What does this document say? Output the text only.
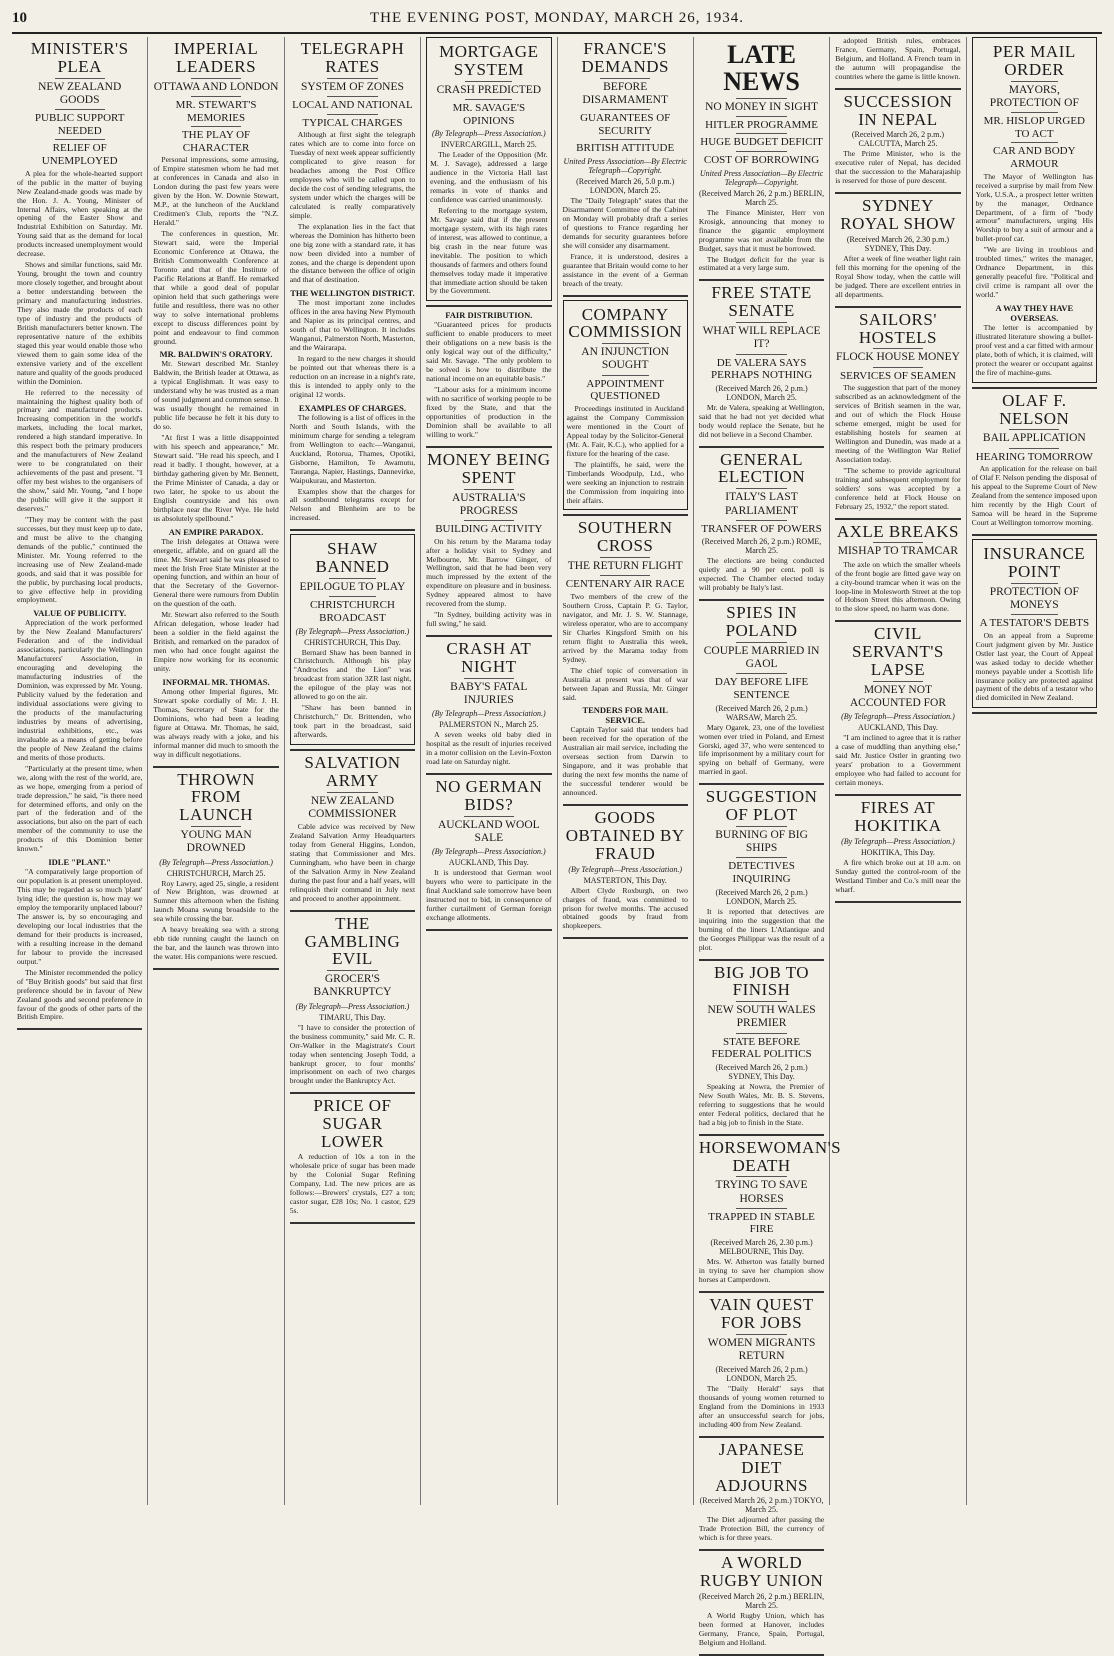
10	THE EVENING POST, MONDAY, MARCH 26, 1934.
MINISTER'S PLEA
NEW ZEALAND GOODS
PUBLIC SUPPORT NEEDED
RELIEF OF UNEMPLOYED

A plea for the whole-hearted support of the public in the matter of buying New Zealand-made goods was made by the Hon. J. A. Young, Minister of Internal Affairs, when speaking at the opening of the Easter Show and Industrial Exhibition on Saturday. Mr. Young said that as the demand for local products increased unemployment would decrease.

Shows and similar functions, said Mr. Young, brought the town and country more closely together, and brought about a better understanding between the primary and manufacturing industries. They also made the products of each type of industry and the products of British manufacturers better known. The representative nature of the exhibits staged this year would enable those who viewed them to gain some idea of the extensive variety and of the excellent nature and quality of the goods produced within the Dominion.

He referred to the necessity of maintaining the highest quality both of primary and manufactured products. Increasing competition in the world's markets, including the local market, rendered a high standard imperative. In this respect both the primary producers and the manufacturers of New Zealand were to be congratulated on their achievements of the past and present. "I offer my best wishes to the organisers of the show," said Mr. Young, "and I hope the public will give it the support it deserves."

"They may be content with the past successes, but they must keep up to date, and must be alive to the changing demands of the public," continued the Minister. Mr. Young referred to the increasing use of New Zealand-made goods, and said that it was possible for the public, by purchasing local products, to give effective help in providing employment.

VALUE OF PUBLICITY.

Appreciation of the work performed by the New Zealand Manufacturers' Federation and of the individual associations, particularly the Wellington Manufacturers' Association, in encouraging and developing the manufacturing industries of the Dominion, was expressed by Mr. Young. Publicity valued by the federation and individual associations were giving to the products of the manufacturing industries by means of advertising, industrial exhibitions, etc., was invaluable as a means of getting before the people of New Zealand the claims and merits of those products.

"Particularly at the present time, when we, along with the rest of the world, are, as we hope, emerging from a period of trade depression," he said, "is there need for determined efforts, and only on the part of the federation and of the associations, but also on the part of each member of the community to use the products of this Dominion better known."

IDLE "PLANT."

"A comparatively large proportion of our population is at present unemployed. This may be regarded as so much 'plant' lying idle; the question is, how may we employ the temporarily unplaced labour? The answer is, by so encouraging and developing our local industries that the demand for their products is increased, with a resulting increase in the demand for labour to provide the increased output."

The Minister recommended the policy of "Buy British goods" but said that first preference should be in favour of New Zealand goods and second preference in favour of the goods of other parts of the British Empire.

IMPERIAL LEADERS
OTTAWA AND LONDON
MR. STEWART'S MEMORIES
THE PLAY OF CHARACTER

Personal impressions, some amusing, of Empire statesmen whom he had met at conferences in Canada and also in London during the past few years were given by the Hon. W. Downie Stewart, M.P., at the luncheon of the Auckland Creditmen's Club, reports the "N.Z. Herald."

The conferences in question, Mr. Stewart said, were the Imperial Economic Conference at Ottawa, the British Commonwealth Conference at Toronto and that of the Institute of Pacific Relations at Banff. He remarked that while a good deal of popular opinion held that such gatherings were futile and resultless, there was no other way to solve international problems except to discuss differences point by point and endeavour to find common ground.

MR. BALDWIN'S ORATORY.

Mr. Stewart described Mr. Stanley Baldwin, the British leader at Ottawa, as a typical Englishman. It was easy to understand why he was trusted as a man of sound judgment and common sense. It was usually thought he remained in public life because he felt it his duty to do so.

"At first I was a little disappointed with his speech and appearance," Mr. Stewart said. "He read his speech, and I read it badly. I thought, however, at a birthday gathering given by Mr. Bennett, the Prime Minister of Canada, a day or two later, he spoke to us about the English countryside and his own birthplace near the River Wye. He held us absolutely spellbound."

AN EMPIRE PARADOX.

The Irish delegates at Ottawa were energetic, affable, and on guard all the time. Mr. Stewart said he was pleased to meet the Irish Free State Minister at the opening function, and within an hour of that the Secretary of the Governor-General there were rumours from Dublin on the question of the oath.

Mr. Stewart also referred to the South African delegation, whose leader had been a soldier in the field against the British, and remarked on the paradox of men who had once fought against the Empire now working for its economic unity.

INFORMAL MR. THOMAS.

Among other Imperial figures, Mr. Stewart spoke cordially of Mr. J. H. Thomas, Secretary of State for the Dominions, who had been a leading figure at Ottawa. Mr. Thomas, he said, was always ready with a joke, and his informal manner did much to smooth the way in difficult negotiations.

THROWN FROM LAUNCH
YOUNG MAN DROWNED
(By Telegraph—Press Association.)
CHRISTCHURCH, March 25.

Roy Lawry, aged 25, single, a resident of New Brighton, was drowned at Sumner this afternoon when the fishing launch Moana swung broadside to the sea while crossing the bar.

A heavy breaking sea with a strong ebb tide running caught the launch on the bar, and the launch was thrown into the water. His companions were rescued.

TELEGRAPH RATES
SYSTEM OF ZONES
LOCAL AND NATIONAL
TYPICAL CHARGES

Although at first sight the telegraph rates which are to come into force on Tuesday of next week appear sufficiently complicated to give reason for headaches among the Post Office employees who will be called upon to decide the cost of sending telegrams, the system under which the charges will be calculated is really comparatively simple.

The explanation lies in the fact that whereas the Dominion has hitherto been one big zone with a standard rate, it has now been divided into a number of zones, and the charge is dependent upon the distance between the office of origin and that of destination.

THE WELLINGTON DISTRICT.

The most important zone includes offices in the area having New Plymouth and Napier as its principal centres, and south of that to Wellington. It includes Wanganui, Palmerston North, Masterton, and the Wairarapa.

In regard to the new charges it should be pointed out that whereas there is a reduction on an increase in a night's rate, this is intended to apply only to the original 12 words.

EXAMPLES OF CHARGES.

The following is a list of offices in the North and South Islands, with the minimum charge for sending a telegram from Wellington to each:—Wanganui, Auckland, Rotorua, Thames, Opotiki, Gisborne, Hamilton, Te Awamutu, Tauranga, Napier, Hastings, Dannevirke, Waipukurau, and Masterton.

Examples show that the charges for all southbound telegrams except for Nelson and Blenheim are to be increased.

SHAW BANNED
EPILOGUE TO PLAY
CHRISTCHURCH BROADCAST
(By Telegraph—Press Association.)
CHRISTCHURCH, This Day.

Bernard Shaw has been banned in Christchurch. Although his play "Androcles and the Lion" was broadcast from station 3ZR last night, the epilogue of the play was not allowed to go on the air.

"Shaw has been banned in Christchurch," Dr. Brittenden, who took part in the broadcast, said afterwards.

SALVATION ARMY
NEW ZEALAND COMMISSIONER

Cable advice was received by New Zealand Salvation Army Headquarters today from General Higgins, London, stating that Commissioner and Mrs. Cunningham, who have been in charge of the Salvation Army in New Zealand during the past four and a half years, will relinquish their command in July next and proceed to another appointment.

THE GAMBLING EVIL
GROCER'S BANKRUPTCY
(By Telegraph—Press Association.)
TIMARU, This Day.

"I have to consider the protection of the business community," said Mr. C. R. Orr-Walker in the Magistrate's Court today when sentencing Joseph Todd, a bankrupt grocer, to four months' imprisonment on each of two charges brought under the Bankruptcy Act.

PRICE OF SUGAR LOWER

A reduction of 10s a ton in the wholesale price of sugar has been made by the Colonial Sugar Refining Company, Ltd. The new prices are as follows:—Brewers' crystals, £27 a ton; castor sugar, £28 10s; No. 1 castor, £29 5s.

MORTGAGE SYSTEM
CRASH PREDICTED
MR. SAVAGE'S OPINIONS
(By Telegraph—Press Association.)
INVERCARGILL, March 25.

The Leader of the Opposition (Mr. M. J. Savage), addressed a large audience in the Victoria Hall last evening, and the enthusiasm of his remarks in vote of thanks and confidence was carried unanimously.

Referring to the mortgage system, Mr. Savage said that if the present mortgage system, with its high rates of interest, was allowed to continue, a big crash in the near future was inevitable. The position to which thousands of farmers and others found themselves today made it imperative that immediate action should be taken by the Government.

FAIR DISTRIBUTION.

"Guaranteed prices for products sufficient to enable producers to meet their obligations on a new basis is the only logical way out of the difficulty," said Mr. Savage. "The only problem to be solved is how to distribute the national income on an equitable basis."

"Labour asks for a minimum income with no sacrifice of working people to be fixed by the State, and that the opportunities of production in the Dominion shall be available to all willing to work."

MONEY BEING SPENT
AUSTRALIA'S PROGRESS
BUILDING ACTIVITY

On his return by the Marama today after a holiday visit to Sydney and Melbourne, Mr. Barrow Ginger, of Wellington, said that he had been very much impressed by the extent of the expenditure on pleasure and in business. Sydney appeared almost to have recovered from the slump.

"In Sydney, building activity was in full swing," he said.

CRASH AT NIGHT
BABY'S FATAL INJURIES
(By Telegraph—Press Association.)
PALMERSTON N., March 25.

A seven weeks old baby died in hospital as the result of injuries received in a motor collision on the Levin-Foxton road late on Saturday night.

NO GERMAN BIDS?
AUCKLAND WOOL SALE
(By Telegraph—Press Association.)
AUCKLAND, This Day.

It is understood that German wool buyers who were to participate in the final Auckland sale tomorrow have been instructed not to bid, in consequence of further curtailment of German foreign exchange allotments.

FRANCE'S DEMANDS
BEFORE DISARMAMENT
GUARANTEES OF SECURITY
BRITISH ATTITUDE
United Press Association—By Electric Telegraph—Copyright.
(Received March 26, 5.0 p.m.) LONDON, March 25.

The "Daily Telegraph" states that the Disarmament Committee of the Cabinet on Monday will probably draft a series of questions to France regarding her demands for security guarantees before she will consider any disarmament.

France, it is understood, desires a guarantee that Britain would come to her assistance in the event of a German breach of the treaty.

COMPANY COMMISSION
AN INJUNCTION SOUGHT
APPOINTMENT QUESTIONED

Proceedings instituted in Auckland against the Company Commission were mentioned in the Court of Appeal today by the Solicitor-General (Mr. A. Fair, K.C.), who applied for a fixture for the hearing of the case.

The plaintiffs, he said, were the Timberlands Woodpulp, Ltd., who were seeking an injunction to restrain the Commission from inquiring into their affairs.

SOUTHERN CROSS
THE RETURN FLIGHT
CENTENARY AIR RACE

Two members of the crew of the Southern Cross, Captain P. G. Taylor, navigator, and Mr. J. S. W. Stannage, wireless operator, who are to accompany Sir Charles Kingsford Smith on his return flight to Australia this week, arrived by the Marama today from Sydney.

The chief topic of conversation in Australia at present was that of war between Japan and Russia, Mr. Ginger said.

TENDERS FOR MAIL SERVICE.

Captain Taylor said that tenders had been received for the operation of the Australian air mail service, including the overseas section from Darwin to Singapore, and it was probable that during the next few months the name of the successful tenderer would be announced.

GOODS OBTAINED BY FRAUD
(By Telegraph—Press Association.)
MASTERTON, This Day.

Albert Clyde Roxburgh, on two charges of fraud, was committed to prison for twelve months. The accused obtained goods by fraud from shopkeepers.

LATE NEWS
NO MONEY IN SIGHT
HITLER PROGRAMME
HUGE BUDGET DEFICIT
COST OF BORROWING
United Press Association—By Electric Telegraph—Copyright.
(Received March 26, 2 p.m.) BERLIN, March 25.

The Finance Minister, Herr von Krosigk, announcing that money to finance the gigantic employment programme was not available from the Budget, says that it must be borrowed.

The Budget deficit for the year is estimated at a very large sum.

FREE STATE SENATE
WHAT WILL REPLACE IT?
DE VALERA SAYS PERHAPS NOTHING
(Received March 26, 2 p.m.) LONDON, March 25.

Mr. de Valera, speaking at Wellington, said that he had not yet decided what body would replace the Senate, but he did not believe in a Second Chamber.

GENERAL ELECTION
ITALY'S LAST PARLIAMENT
TRANSFER OF POWERS
(Received March 26, 2 p.m.) ROME, March 25.

The elections are being conducted quietly and a 90 per cent. poll is expected. The Chamber elected today will probably be Italy's last.

SPIES IN POLAND
COUPLE MARRIED IN GAOL
DAY BEFORE LIFE SENTENCE
(Received March 26, 2 p.m.) WARSAW, March 25.

Mary Ogarek, 23, one of the loveliest women ever tried in Poland, and Ernest Gorski, aged 37, who were sentenced to life imprisonment by a military court for spying on behalf of Germany, were married in gaol.

SUGGESTION OF PLOT
BURNING OF BIG SHIPS
DETECTIVES INQUIRING
(Received March 26, 2 p.m.) LONDON, March 25.

It is reported that detectives are inquiring into the suggestion that the burning of the liners L'Atlantique and the Georges Philippar was the result of a plot.

BIG JOB TO FINISH
NEW SOUTH WALES PREMIER
STATE BEFORE FEDERAL POLITICS
(Received March 26, 2 p.m.) SYDNEY, This Day.

Speaking at Nowra, the Premier of New South Wales, Mr. B. S. Stevens, referring to suggestions that he would enter Federal politics, declared that he had a big job to finish in the State.

HORSEWOMAN'S DEATH
TRYING TO SAVE HORSES
TRAPPED IN STABLE FIRE
(Received March 26, 2.30 p.m.) MELBOURNE, This Day.

Mrs. W. Atherton was fatally burned in trying to save her champion show horses at Camperdown.

VAIN QUEST FOR JOBS
WOMEN MIGRANTS RETURN
(Received March 26, 2 p.m.) LONDON, March 25.

The "Daily Herald" says that thousands of young women returned to England from the Dominions in 1933 after an unsuccessful search for jobs, including 400 from New Zealand.

JAPANESE DIET ADJOURNS
(Received March 26, 2 p.m.) TOKYO, March 25.

The Diet adjourned after passing the Trade Protection Bill, the currency of which is for three years.

A WORLD RUGBY UNION
(Received March 26, 2 p.m.) BERLIN, March 25.

A World Rugby Union, which has been formed at Hanover, includes Germany, France, Spain, Portugal, Belgium and Holland.

adopted British rules, embraces France, Germany, Spain, Portugal, Belgium, and Holland. A French team in the autumn will propagandise the countries where the game is little known.

SUCCESSION IN NEPAL
(Received March 26, 2 p.m.) CALCUTTA, March 25.

The Prime Minister, who is the executive ruler of Nepal, has decided that the succession to the Maharajaship is reserved for those of pure descent.

SYDNEY ROYAL SHOW
(Received March 26, 2.30 p.m.) SYDNEY, This Day.

After a week of fine weather light rain fell this morning for the opening of the Royal Show today, when the cattle will be judged. There are excellent entries in all departments.

SAILORS' HOSTELS
FLOCK HOUSE MONEY
SERVICES OF SEAMEN

The suggestion that part of the money subscribed as an acknowledgment of the services of British seamen in the war, and out of which the Flock House scheme emerged, might be used for establishing hostels for seamen at Wellington and Dunedin, was made at a meeting of the Wellington War Relief Association today.

"The scheme to provide agricultural training and subsequent employment for soldiers' sons was accepted by a conference held at Flock House on February 25, 1932," the report stated.

AXLE BREAKS
MISHAP TO TRAMCAR

The axle on which the smaller wheels of the front bogie are fitted gave way on a city-bound tramcar when it was on the loop-line in Molesworth Street at the top of Hobson Street this afternoon. Owing to the slow speed, no harm was done.

CIVIL SERVANT'S LAPSE
MONEY NOT ACCOUNTED FOR
(By Telegraph—Press Association.)
AUCKLAND, This Day.

"I am inclined to agree that it is rather a case of muddling than anything else," said Mr. Justice Ostler in granting two years' probation to a Government employee who had failed to account for certain moneys.

FIRES AT HOKITIKA
(By Telegraph—Press Association.)
HOKITIKA, This Day.

A fire which broke out at 10 a.m. on Sunday gutted the control-room of the Westland Timber and Co.'s mill near the wharf.

PER MAIL ORDER
MAYORS, PROTECTION OF
MR. HISLOP URGED TO ACT
CAR AND BODY ARMOUR

The Mayor of Wellington has received a surprise by mail from New York, U.S.A., a prospect letter written by the manager, Ordnance Department, of a firm of "body armour" manufacturers, urging His Worship to buy a suit of armour and a bullet-proof car.

"We are living in troublous and troubled times," writes the manager, Ordnance Department, in this generally peaceful fire. "Political and civil crime is rampant all over the world."

A WAY THEY HAVE OVERSEAS.

The letter is accompanied by illustrated literature showing a bullet-proof vest and a car fitted with armour plate, both of which, it is claimed, will protect the wearer or occupant against the fire of machine-guns.

OLAF F. NELSON
BAIL APPLICATION
HEARING TOMORROW

An application for the release on bail of Olaf F. Nelson pending the disposal of his appeal to the Supreme Court of New Zealand from the sentence imposed upon him recently by the High Court of Samoa will be heard in the Supreme Court at Wellington tomorrow morning.

INSURANCE POINT
PROTECTION OF MONEYS
A TESTATOR'S DEBTS

On an appeal from a Supreme Court judgment given by Mr. Justice Ostler last year, the Court of Appeal was asked today to decide whether moneys payable under a Scottish life insurance policy are protected against payment of the debts of a testator who died domiciled in New Zealand.
